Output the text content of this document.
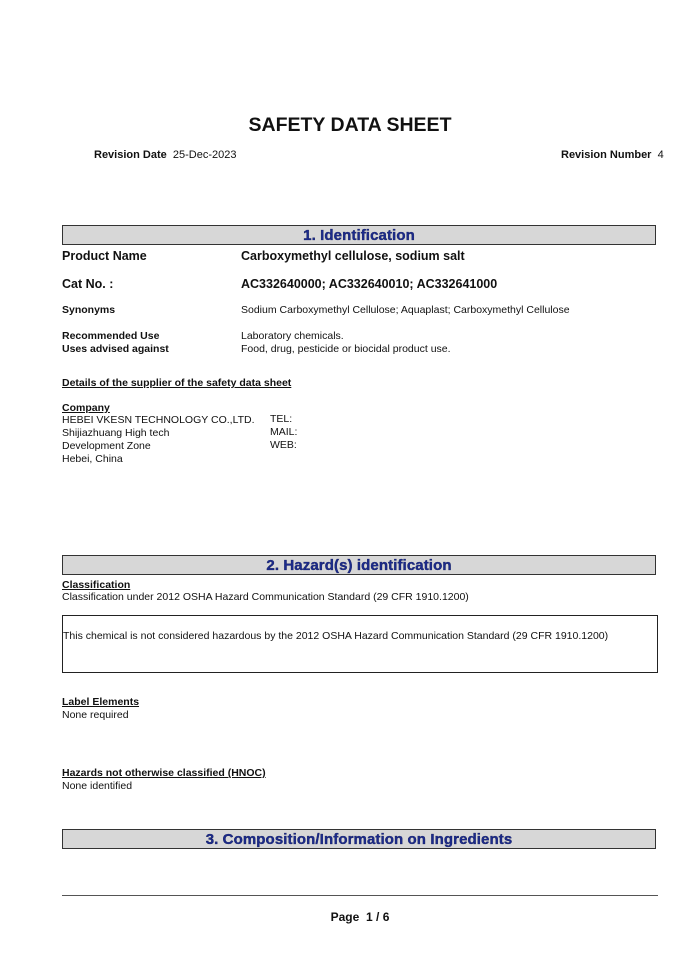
SAFETY DATA SHEET
Revision Date 25-Dec-2023	Revision Number 4
1. Identification
Product Name	Carboxymethyl cellulose, sodium salt
Cat No. :	AC332640000; AC332640010; AC332641000
Synonyms	Sodium Carboxymethyl Cellulose; Aquaplast; Carboxymethyl Cellulose
Recommended Use	Laboratory chemicals.
Uses advised against	Food, drug, pesticide or biocidal product use.
Details of the supplier of the safety data sheet
Company
HEBEI VKESN TECHNOLOGY CO.,LTD.
Shijiazhuang High tech
Development Zone
Hebei, China
TEL:
MAIL:
WEB:
2. Hazard(s) identification
Classification
Classification under 2012 OSHA Hazard Communication Standard (29 CFR 1910.1200)
This chemical is not considered hazardous by the 2012 OSHA Hazard Communication Standard (29 CFR 1910.1200)
Label Elements
None required
Hazards not otherwise classified (HNOC)
None identified
3. Composition/Information on Ingredients
Page 1 / 6
